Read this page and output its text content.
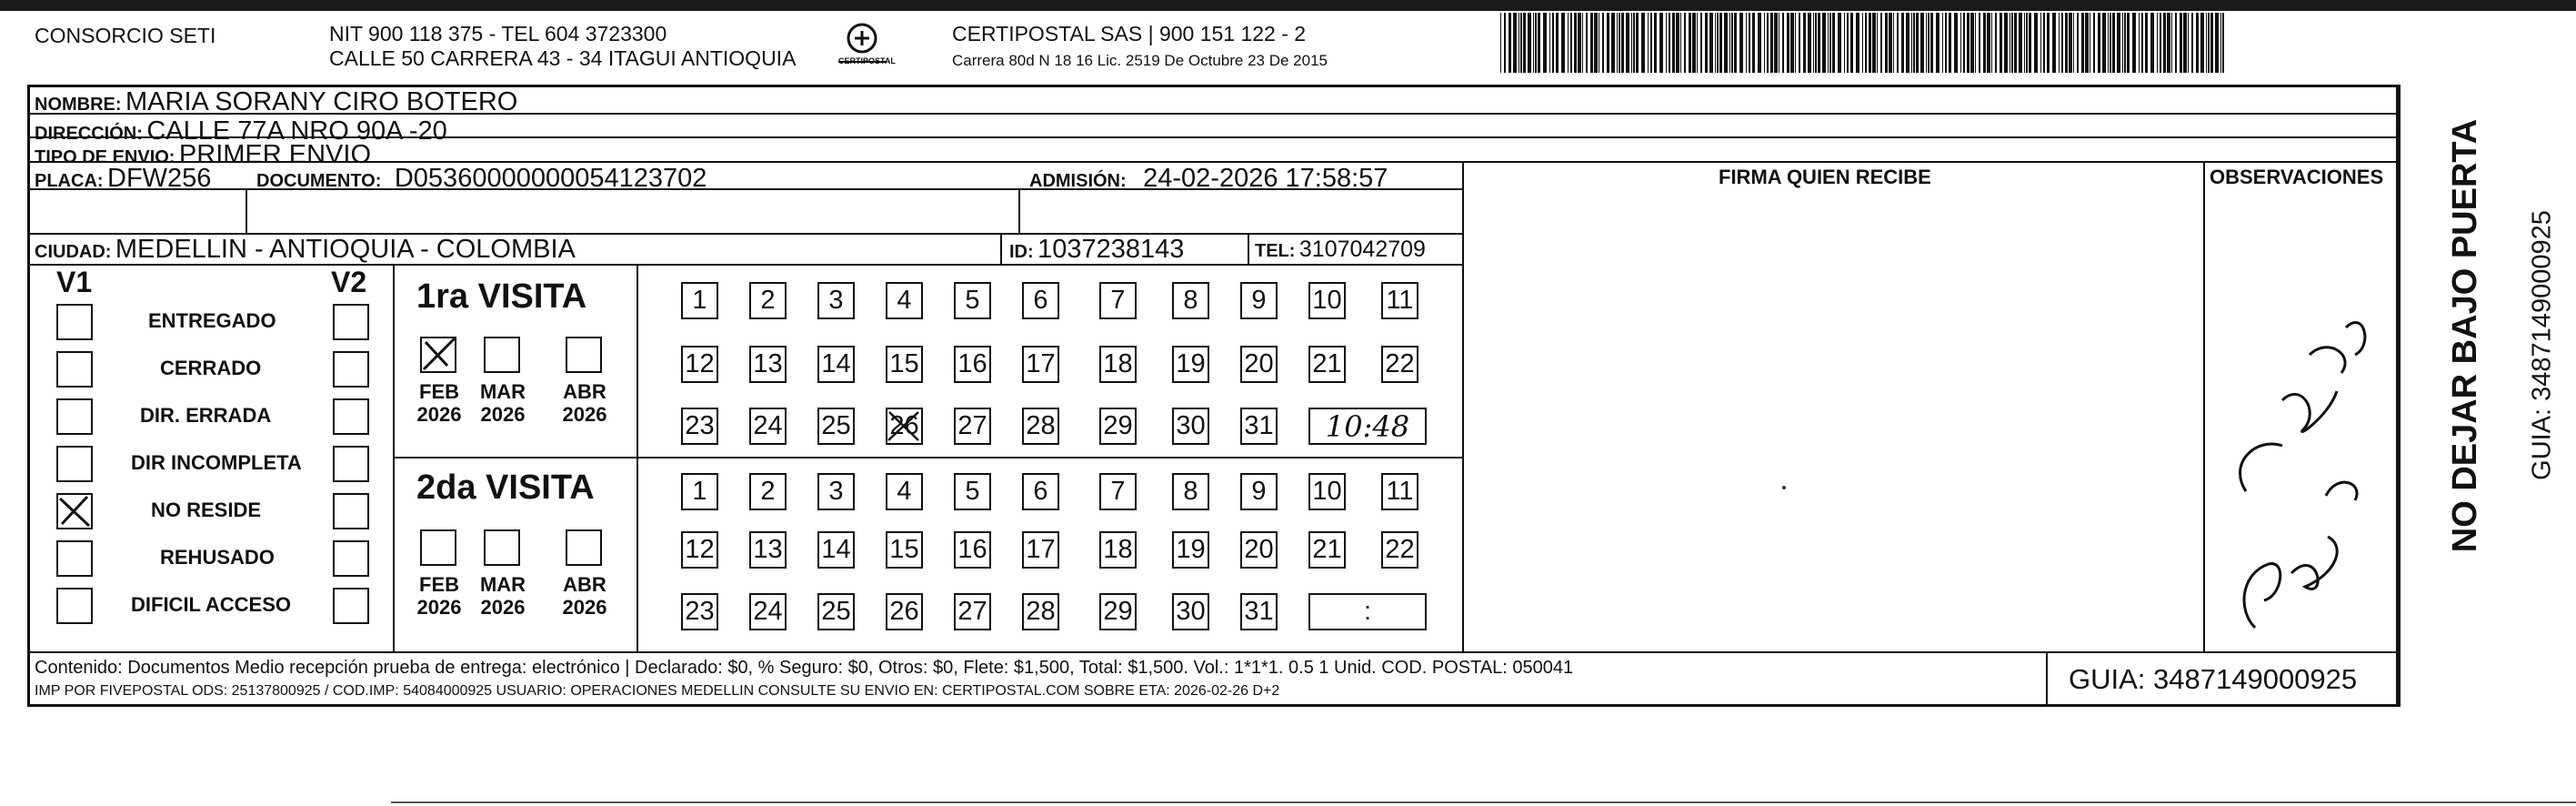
CONSORCIO SETI	NIT 900 118 375 - TEL 604 3723300
CALLE 50 CARRERA 43 - 34 ITAGUI ANTIOQUIA	CERTIPOSTAL
CERTIPOSTAL SAS | 900 151 122 - 2
Carrera 80d N 18 16 Lic. 2519 De Octubre 23 De 2015
NOMBRE: MARIA SORANY CIRO BOTERO
DIRECCIÓN: CALLE 77A NRO 90A -20
TIPO DE ENVIO: PRIMER ENVIO
PLACA: DFW256 DOCUMENTO: D05360000000054123702	ADMISIÓN: 24-02-2026 17:58:57
CIUDAD: MEDELLIN - ANTIOQUIA - COLOMBIA	ID: 1037238143	TEL: 3107042709
FIRMA QUIEN RECIBE	OBSERVACIONES
V1	V2
ENTREGADO
CERRADO
DIR. ERRADA
DIR INCOMPLETA
NO RESIDE
REHUSADO
DIFICIL ACCESO
1ra VISITA
2da VISITA
FEB
2026
MAR
2026
ABR
2026
FEB
2026
MAR
2026
ABR
2026
1	2	3	4	5	6	7	8	9	10 11
12 13 14 15 16 17 18 19 20 21 22
23 24 25 26 27 28 29 30 31	10:48
1	2	3	4	5	6	7	8	9	10 11
12 13 14 15 16 17 18 19 20 21 22
23 24 25 26 27 28 29 30 31	:
Contenido: Documentos Medio recepción prueba de entrega: electrónico | Declarado: $0, % Seguro: $0, Otros: $0, Flete: $1,500, Total: $1,500. Vol.: 1*1*1. 0.5 1 Unid. COD. POSTAL: 050041
IMP POR FIVEPOSTAL ODS: 25137800925 / COD.IMP: 54084000925 USUARIO: OPERACIONES MEDELLIN CONSULTE SU ENVIO EN: CERTIPOSTAL.COM SOBRE ETA: 2026-02-26 D+2	GUIA: 3487149000925
NO DEJAR BAJO PUERTA GUIA: 3487149000925
